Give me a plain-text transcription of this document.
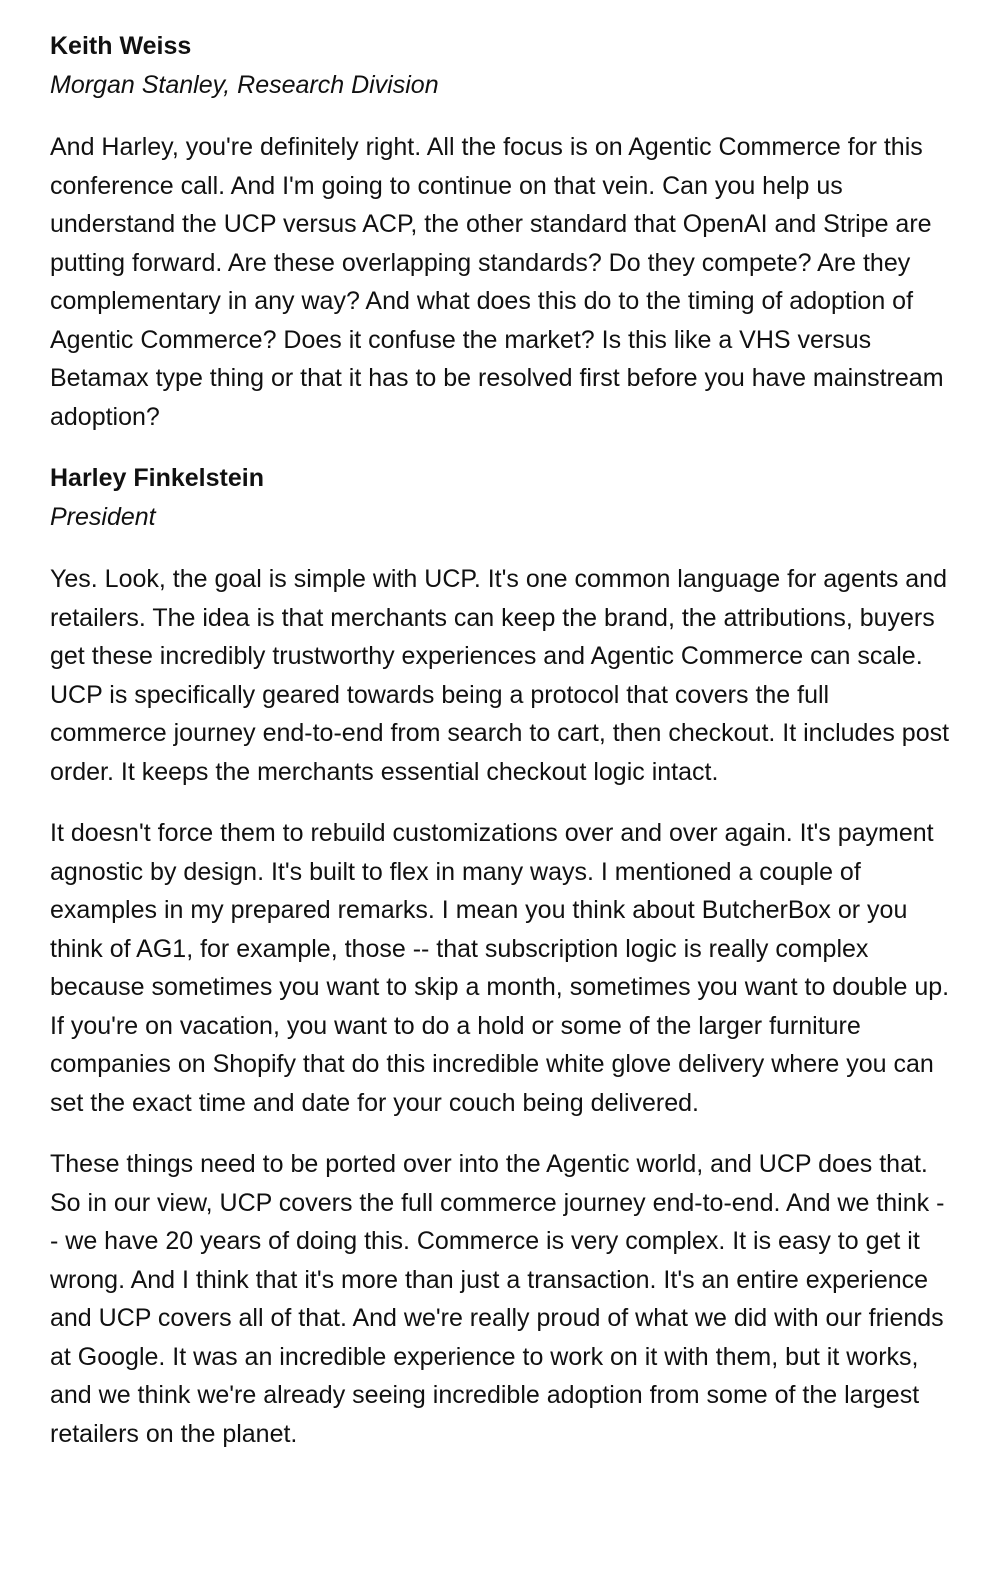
Keith Weiss

Morgan Stanley, Research Division

And Harley, you're definitely right. All the focus is on Agentic Commerce for this conference call. And I'm going to continue on that vein. Can you help us understand the UCP versus ACP, the other standard that OpenAI and Stripe are putting forward. Are these overlapping standards? Do they compete? Are they complementary in any way? And what does this do to the timing of adoption of Agentic Commerce? Does it confuse the market? Is this like a VHS versus Betamax type thing or that it has to be resolved first before you have mainstream adoption?

Harley Finkelstein

President

Yes. Look, the goal is simple with UCP. It's one common language for agents and retailers. The idea is that merchants can keep the brand, the attributions, buyers get these incredibly trustworthy experiences and Agentic Commerce can scale. UCP is specifically geared towards being a protocol that covers the full commerce journey end-to-end from search to cart, then checkout. It includes post order. It keeps the merchants essential checkout logic intact.

It doesn't force them to rebuild customizations over and over again. It's payment agnostic by design. It's built to flex in many ways. I mentioned a couple of examples in my prepared remarks. I mean you think about ButcherBox or you think of AG1, for example, those -- that subscription logic is really complex because sometimes you want to skip a month, sometimes you want to double up. If you're on vacation, you want to do a hold or some of the larger furniture companies on Shopify that do this incredible white glove delivery where you can set the exact time and date for your couch being delivered.

These things need to be ported over into the Agentic world, and UCP does that. So in our view, UCP covers the full commerce journey end-to-end. And we think -- we have 20 years of doing this. Commerce is very complex. It is easy to get it wrong. And I think that it's more than just a transaction. It's an entire experience and UCP covers all of that. And we're really proud of what we did with our friends at Google. It was an incredible experience to work on it with them, but it works, and we think we're already seeing incredible adoption from some of the largest retailers on the planet.
